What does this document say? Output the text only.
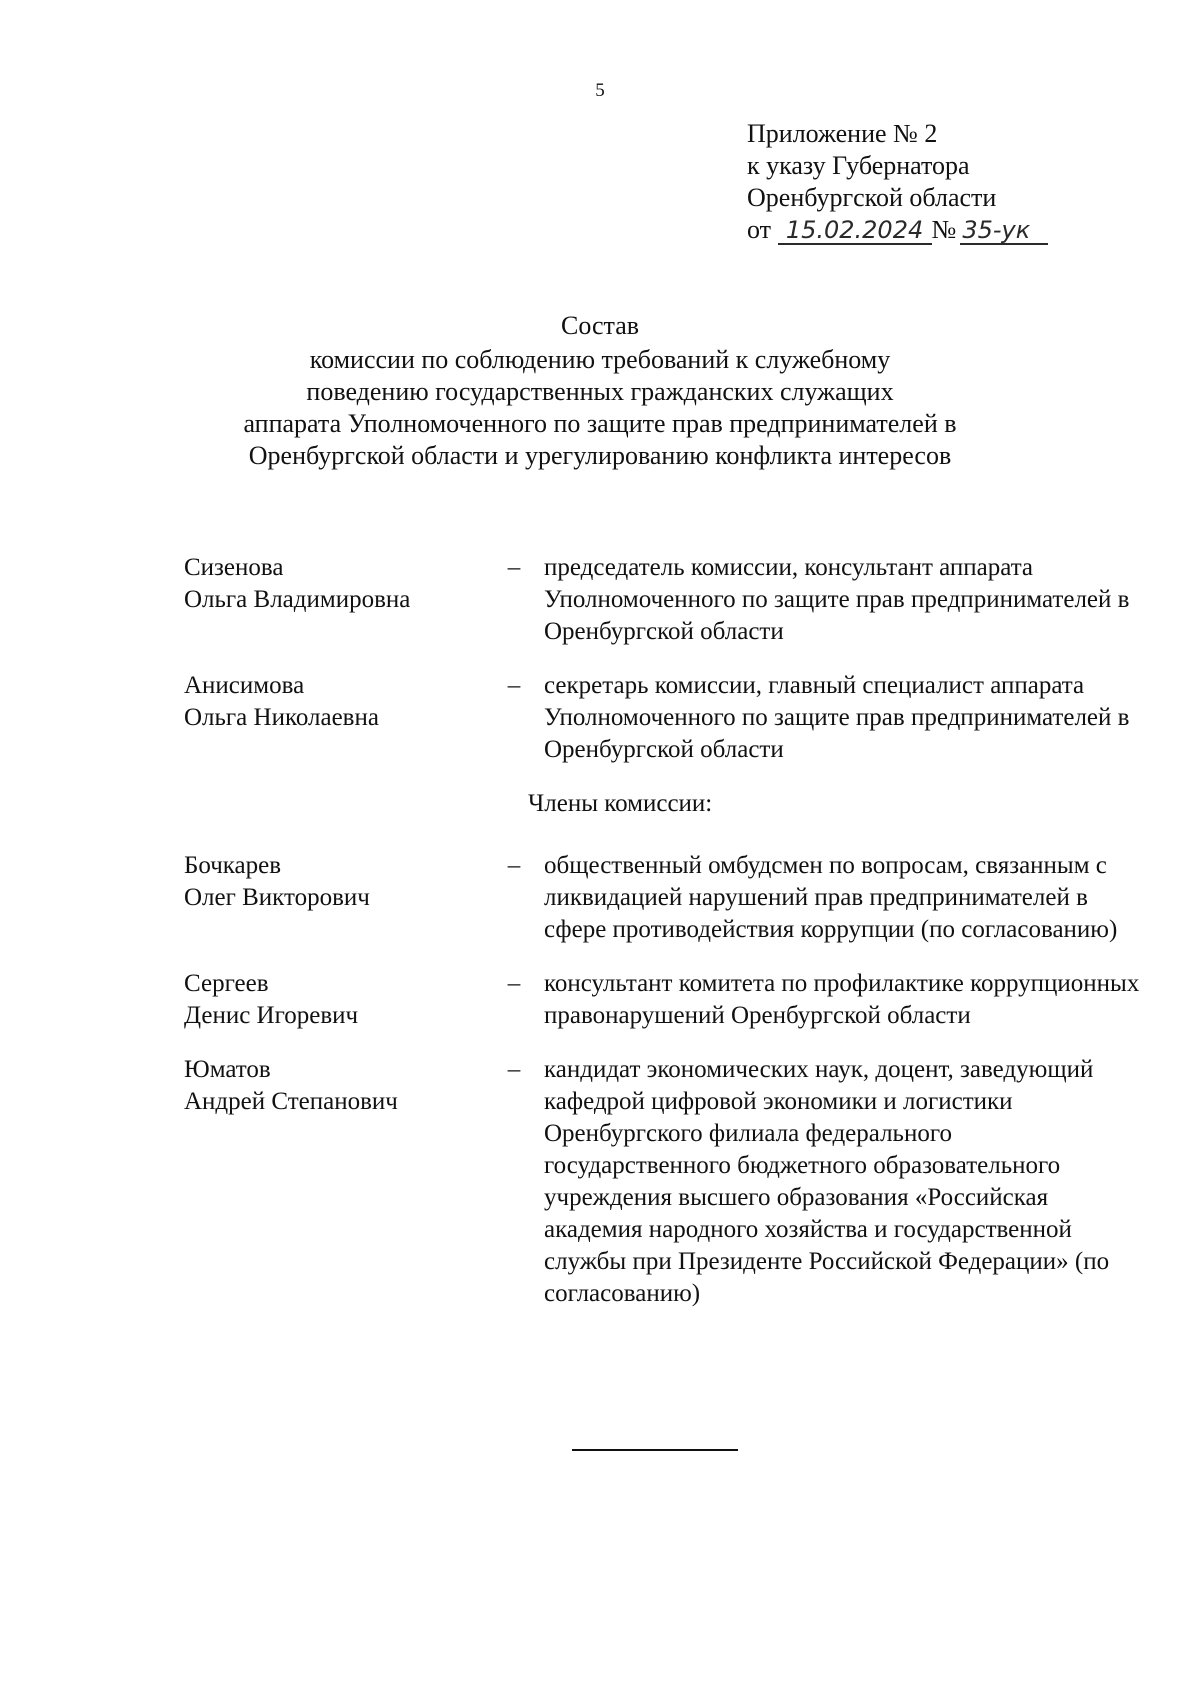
5
Приложение № 2
к указу Губернатора
Оренбургской области
от 15.02.2024 № 35-ук
Состав
комиссии по соблюдению требований к служебному
поведению государственных гражданских служащих
аппарата Уполномоченного по защите прав предпринимателей в
Оренбургской области и урегулированию конфликта интересов
Сизенова
Ольга Владимировна
– председатель комиссии, консультант аппарата Уполномоченного по защите прав предпринимателей в Оренбургской области
Анисимова
Ольга Николаевна
– секретарь комиссии, главный специалист аппарата Уполномоченного по защите прав предпринимателей в Оренбургской области
Члены комиссии:
Бочкарев
Олег Викторович
– общественный омбудсмен по вопросам, связанным с ликвидацией нарушений прав предпринимателей в сфере противодействия коррупции (по согласованию)
Сергеев
Денис Игоревич
– консультант комитета по профилактике коррупционных правонарушений Оренбургской области
Юматов
Андрей Степанович
– кандидат экономических наук, доцент, заведующий кафедрой цифровой экономики и логистики Оренбургского филиала федерального государственного бюджетного образовательного учреждения высшего образования «Российская академия народного хозяйства и государственной службы при Президенте Российской Федерации» (по согласованию)
